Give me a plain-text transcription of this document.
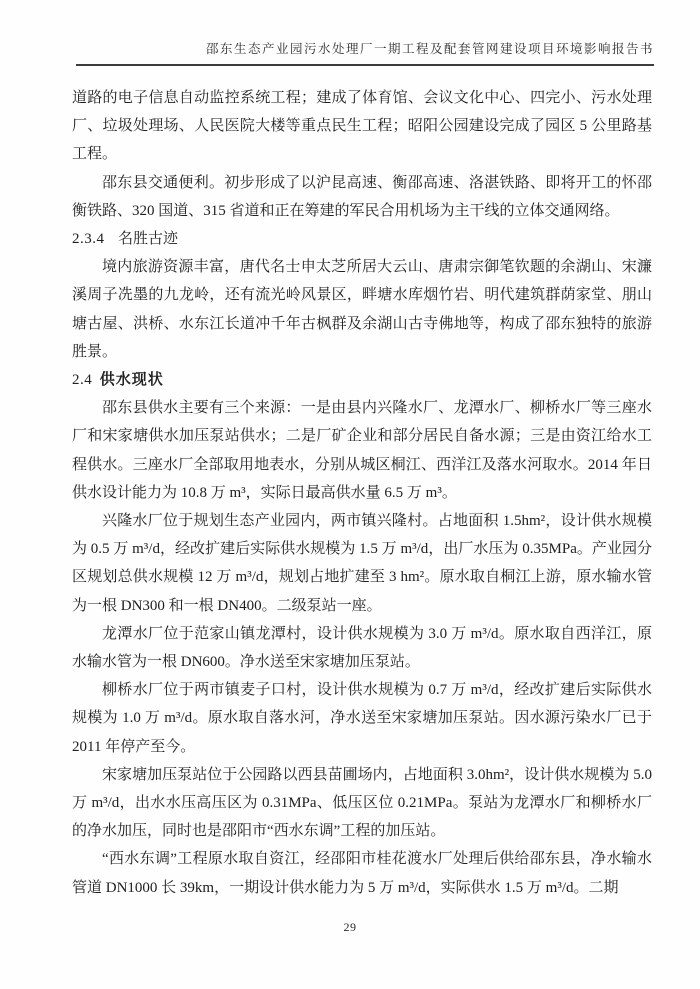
邵东生态产业园污水处理厂一期工程及配套管网建设项目环境影响报告书

道路的电子信息自动监控系统工程；建成了体育馆、会议文化中心、四完小、污水处理厂、垃圾处理场、人民医院大楼等重点民生工程；昭阳公园建设完成了园区 5 公里路基工程。

邵东县交通便利。初步形成了以沪昆高速、衡邵高速、洛湛铁路、即将开工的怀邵衡铁路、320 国道、315 省道和正在筹建的军民合用机场为主干线的立体交通网络。

2.3.4 名胜古迹

境内旅游资源丰富，唐代名士申太芝所居大云山、唐肃宗御笔钦题的余湖山、宋濂溪周子冼墨的九龙岭，还有流光岭风景区，畔塘水库烟竹岩、明代建筑群荫家堂、朋山塘古屋、洪桥、水东江长道冲千年古枫群及余湖山古寺佛地等，构成了邵东独特的旅游胜景。

2.4 供水现状

邵东县供水主要有三个来源：一是由县内兴隆水厂、龙潭水厂、柳桥水厂等三座水厂和宋家塘供水加压泵站供水；二是厂矿企业和部分居民自备水源；三是由资江给水工程供水。三座水厂全部取用地表水，分别从城区桐江、西洋江及落水河取水。2014 年日供水设计能力为 10.8 万 m³，实际日最高供水量 6.5 万 m³。

兴隆水厂位于规划生态产业园内，两市镇兴隆村。占地面积 1.5hm²，设计供水规模为 0.5 万 m³/d，经改扩建后实际供水规模为 1.5 万 m³/d，出厂水压为 0.35MPa。产业园分区规划总供水规模 12 万 m³/d，规划占地扩建至 3 hm²。原水取自桐江上游，原水输水管为一根 DN300 和一根 DN400。二级泵站一座。

龙潭水厂位于范家山镇龙潭村，设计供水规模为 3.0 万 m³/d。原水取自西洋江，原水输水管为一根 DN600。净水送至宋家塘加压泵站。

柳桥水厂位于两市镇麦子口村，设计供水规模为 0.7 万 m³/d，经改扩建后实际供水规模为 1.0 万 m³/d。原水取自落水河，净水送至宋家塘加压泵站。因水源污染水厂已于 2011 年停产至今。

宋家塘加压泵站位于公园路以西县苗圃场内，占地面积 3.0hm²，设计供水规模为 5.0 万 m³/d，出水水压高压区为 0.31MPa、低压区位 0.21MPa。泵站为龙潭水厂和柳桥水厂的净水加压，同时也是邵阳市“西水东调”工程的加压站。

“西水东调”工程原水取自资江，经邵阳市桂花渡水厂处理后供给邵东县，净水输水管道 DN1000 长 39km，一期设计供水能力为 5 万 m³/d，实际供水 1.5 万 m³/d。二期

29
